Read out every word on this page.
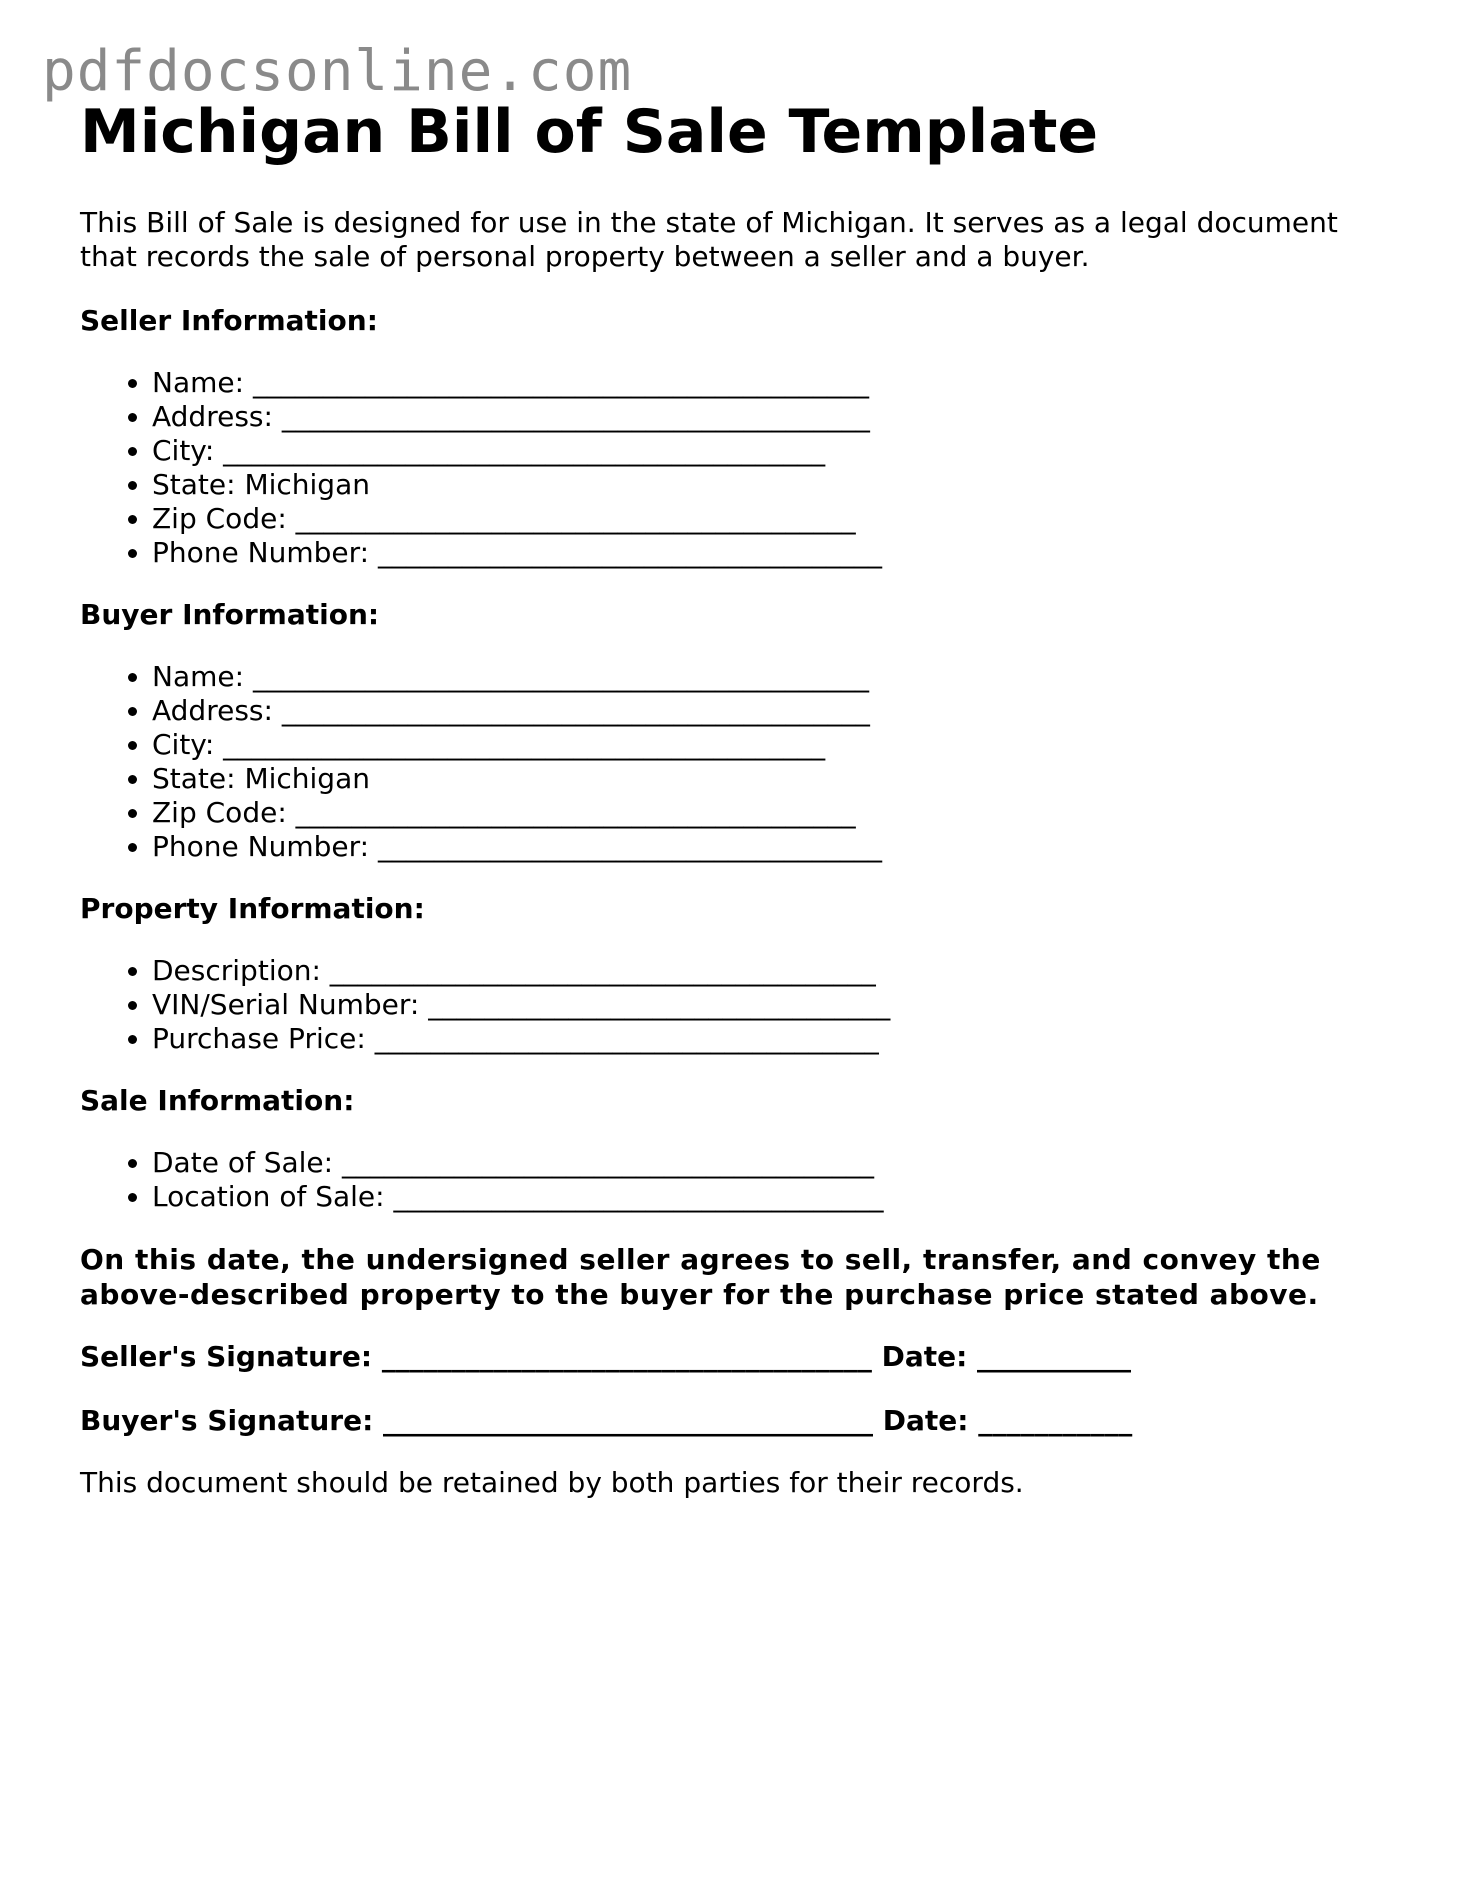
pdfdocsonline.com
Michigan Bill of Sale Template

This Bill of Sale is designed for use in the state of Michigan. It serves as a legal document
that records the sale of personal property between a seller and a buyer.

Seller Information:
• Name: ____________________________________________
• Address: __________________________________________
• City: ___________________________________________
• State: Michigan
• Zip Code: ________________________________________
• Phone Number: ____________________________________
Buyer Information:
• Name: ____________________________________________
• Address: __________________________________________
• City: ___________________________________________
• State: Michigan
• Zip Code: ________________________________________
• Phone Number: ____________________________________
Property Information:
• Description: _______________________________________
• VIN/Serial Number: _________________________________
• Purchase Price: ____________________________________
Sale Information:
• Date of Sale: ______________________________________
• Location of Sale: ___________________________________

On this date, the undersigned seller agrees to sell, transfer, and convey the
above-described property to the buyer for the purchase price stated above.

Seller's Signature: ___________________________________ Date: ___________

Buyer's Signature: ___________________________________ Date: ___________

This document should be retained by both parties for their records.
